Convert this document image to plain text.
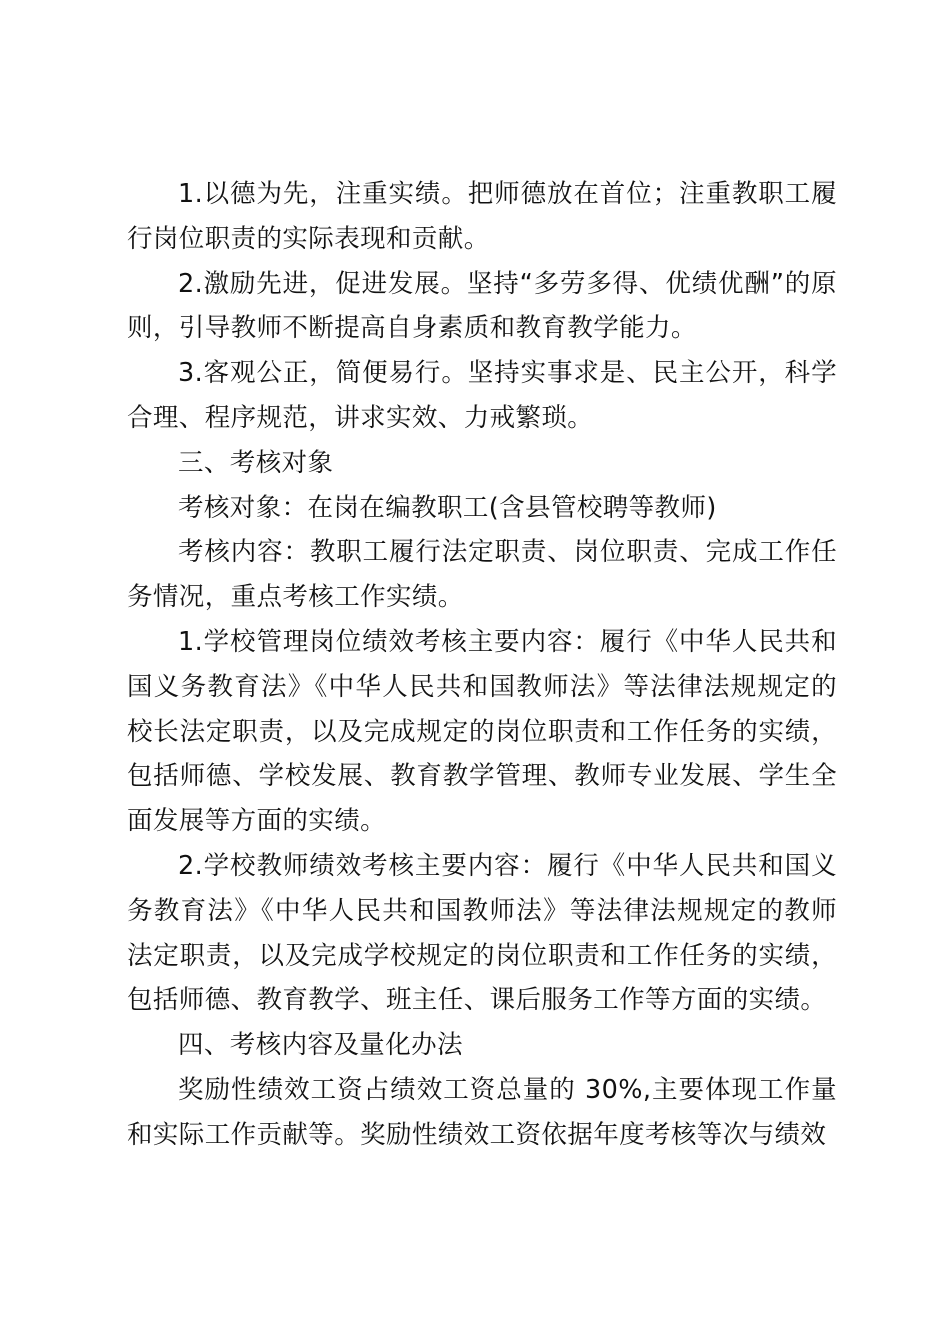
1.以德为先，注重实绩。把师德放在首位；注重教职工履行岗位职责的实际表现和贡献。

2.激励先进，促进发展。坚持“多劳多得、优绩优酬”的原则，引导教师不断提高自身素质和教育教学能力。

3.客观公正，简便易行。坚持实事求是、民主公开，科学合理、程序规范，讲求实效、力戒繁琐。

三、考核对象

考核对象：在岗在编教职工(含县管校聘等教师)

考核内容：教职工履行法定职责、岗位职责、完成工作任务情况，重点考核工作实绩。

1.学校管理岗位绩效考核主要内容：履行《中华人民共和国义务教育法》《中华人民共和国教师法》等法律法规规定的校长法定职责，以及完成规定的岗位职责和工作任务的实绩，包括师德、学校发展、教育教学管理、教师专业发展、学生全面发展等方面的实绩。

2.学校教师绩效考核主要内容：履行《中华人民共和国义务教育法》《中华人民共和国教师法》等法律法规规定的教师法定职责，以及完成学校规定的岗位职责和工作任务的实绩，包括师德、教育教学、班主任、课后服务工作等方面的实绩。

四、考核内容及量化办法

奖励性绩效工资占绩效工资总量的 30%,主要体现工作量和实际工作贡献等。奖励性绩效工资依据年度考核等次与绩效
